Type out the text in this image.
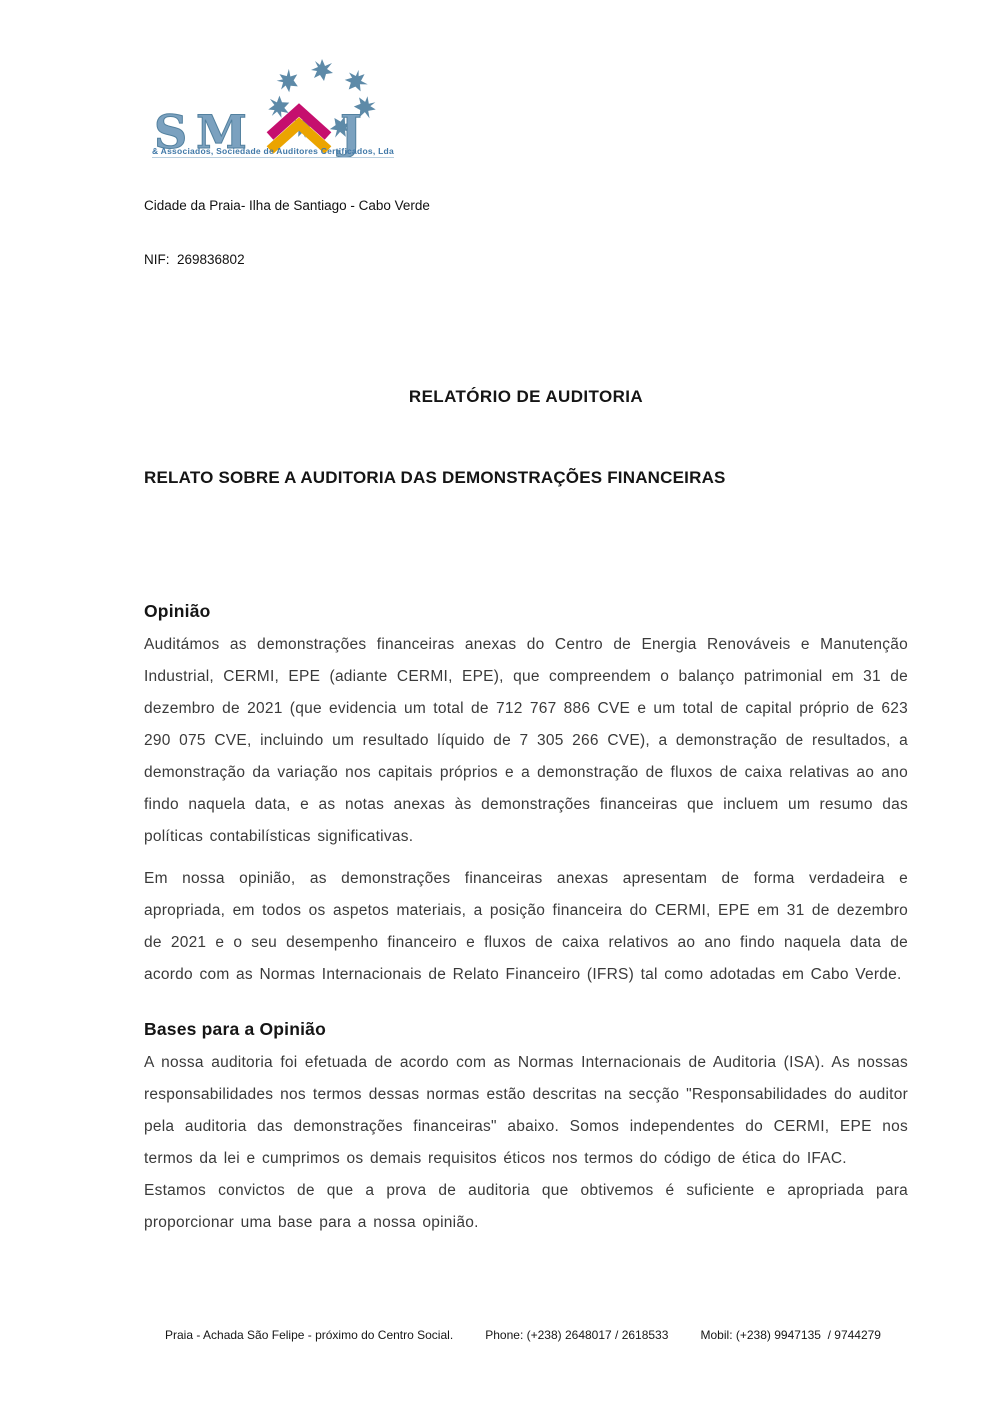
S M J
& Associados, Sociedade de Auditores Certificados, Lda

Cidade da Praia- Ilha de Santiago - Cabo Verde

NIF:  269836802

RELATÓRIO DE AUDITORIA
RELATO SOBRE A AUDITORIA DAS DEMONSTRAÇÕES FINANCEIRAS
Opinião

Auditámos as demonstrações financeiras anexas do Centro de Energia Renováveis e Manutenção Industrial, CERMI, EPE (adiante CERMI, EPE), que compreendem o balanço patrimonial em 31 de dezembro de 2021 (que evidencia um total de 712 767 886 CVE e um total de capital próprio de 623 290 075 CVE, incluindo um resultado líquido de 7 305 266 CVE), a demonstração de resultados, a demonstração da variação nos capitais próprios e a demonstração de fluxos de caixa relativas ao ano findo naquela data, e as notas anexas às demonstrações financeiras que incluem um resumo das políticas contabilísticas significativas.

Em nossa opinião, as demonstrações financeiras anexas apresentam de forma verdadeira e apropriada, em todos os aspetos materiais, a posição financeira do CERMI, EPE em 31 de dezembro de 2021 e o seu desempenho financeiro e fluxos de caixa relativos ao ano findo naquela data de acordo com as Normas Internacionais de Relato Financeiro (IFRS) tal como adotadas em Cabo Verde.

Bases para a Opinião

A nossa auditoria foi efetuada de acordo com as Normas Internacionais de Auditoria (ISA). As nossas responsabilidades nos termos dessas normas estão descritas na secção "Responsabilidades do auditor pela auditoria das demonstrações financeiras" abaixo. Somos independentes do CERMI, EPE nos termos da lei e cumprimos os demais requisitos éticos nos termos do código de ética do IFAC.

Estamos convictos de que a prova de auditoria que obtivemos é suficiente e apropriada para proporcionar uma base para a nossa opinião.

Praia - Achada São Felipe - próximo do Centro Social.	Phone: (+238) 2648017 / 2618533	Mobil: (+238) 9947135  / 9744279
